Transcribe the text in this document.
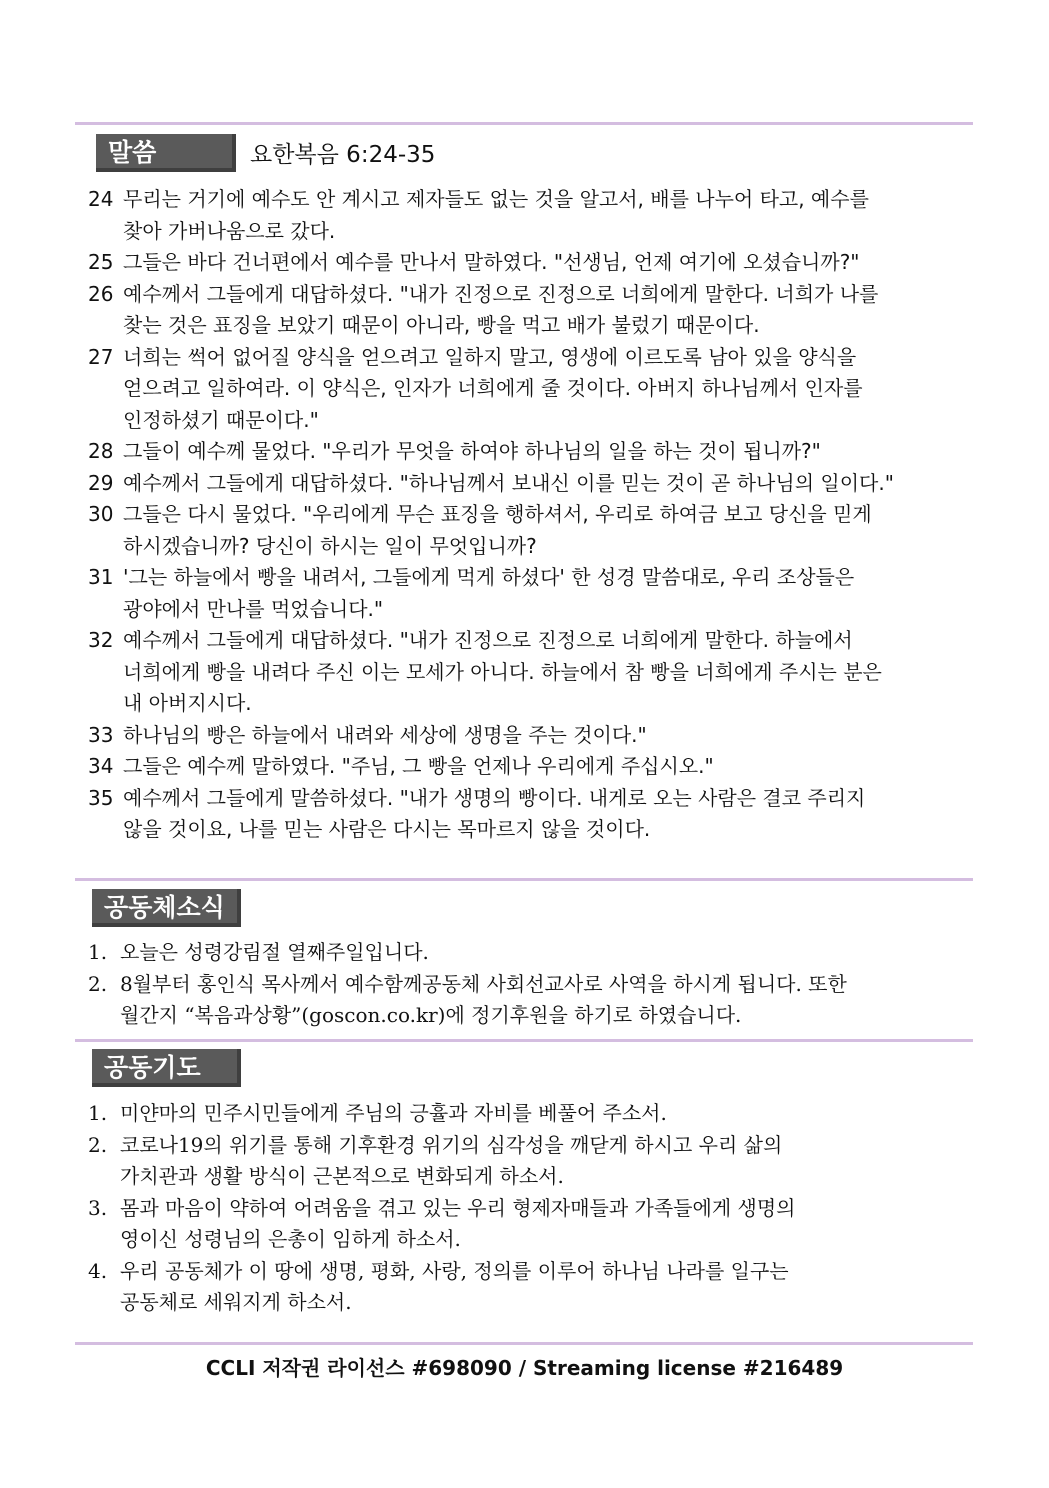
말씀	요한복음 6:24-35
24 무리는 거기에 예수도 안 계시고 제자들도 없는 것을 알고서, 배를 나누어 타고, 예수를
찾아 가버나움으로 갔다.
25 그들은 바다 건너편에서 예수를 만나서 말하였다. "선생님, 언제 여기에 오셨습니까?"
26 예수께서 그들에게 대답하셨다. "내가 진정으로 진정으로 너희에게 말한다. 너희가 나를
찾는 것은 표징을 보았기 때문이 아니라, 빵을 먹고 배가 불렀기 때문이다.
27 너희는 썩어 없어질 양식을 얻으려고 일하지 말고, 영생에 이르도록 남아 있을 양식을
얻으려고 일하여라. 이 양식은, 인자가 너희에게 줄 것이다. 아버지 하나님께서 인자를
인정하셨기 때문이다."
28 그들이 예수께 물었다. "우리가 무엇을 하여야 하나님의 일을 하는 것이 됩니까?"
29 예수께서 그들에게 대답하셨다. "하나님께서 보내신 이를 믿는 것이 곧 하나님의 일이다."
30 그들은 다시 물었다. "우리에게 무슨 표징을 행하셔서, 우리로 하여금 보고 당신을 믿게
하시겠습니까? 당신이 하시는 일이 무엇입니까?
31 '그는 하늘에서 빵을 내려서, 그들에게 먹게 하셨다' 한 성경 말씀대로, 우리 조상들은
광야에서 만나를 먹었습니다."
32 예수께서 그들에게 대답하셨다. "내가 진정으로 진정으로 너희에게 말한다. 하늘에서
너희에게 빵을 내려다 주신 이는 모세가 아니다. 하늘에서 참 빵을 너희에게 주시는 분은
내 아버지시다.
33 하나님의 빵은 하늘에서 내려와 세상에 생명을 주는 것이다."
34 그들은 예수께 말하였다. "주님, 그 빵을 언제나 우리에게 주십시오."
35 예수께서 그들에게 말씀하셨다. "내가 생명의 빵이다. 내게로 오는 사람은 결코 주리지
않을 것이요, 나를 믿는 사람은 다시는 목마르지 않을 것이다.
공동체소식
1. 오늘은 성령강림절 열째주일입니다.
2. 8월부터 홍인식 목사께서 예수함께공동체 사회선교사로 사역을 하시게 됩니다. 또한
월간지 “복음과상황”(goscon.co.kr)에 정기후원을 하기로 하였습니다.
공동기도
1. 미얀마의 민주시민들에게 주님의 긍휼과 자비를 베풀어 주소서.
2. 코로나19의 위기를 통해 기후환경 위기의 심각성을 깨닫게 하시고 우리 삶의
가치관과 생활 방식이 근본적으로 변화되게 하소서.
3. 몸과 마음이 약하여 어려움을 겪고 있는 우리 형제자매들과 가족들에게 생명의
영이신 성령님의 은총이 임하게 하소서.
4. 우리 공동체가 이 땅에 생명, 평화, 사랑, 정의를 이루어 하나님 나라를 일구는
공동체로 세워지게 하소서.
CCLI 저작권 라이선스 #698090 / Streaming license #216489
